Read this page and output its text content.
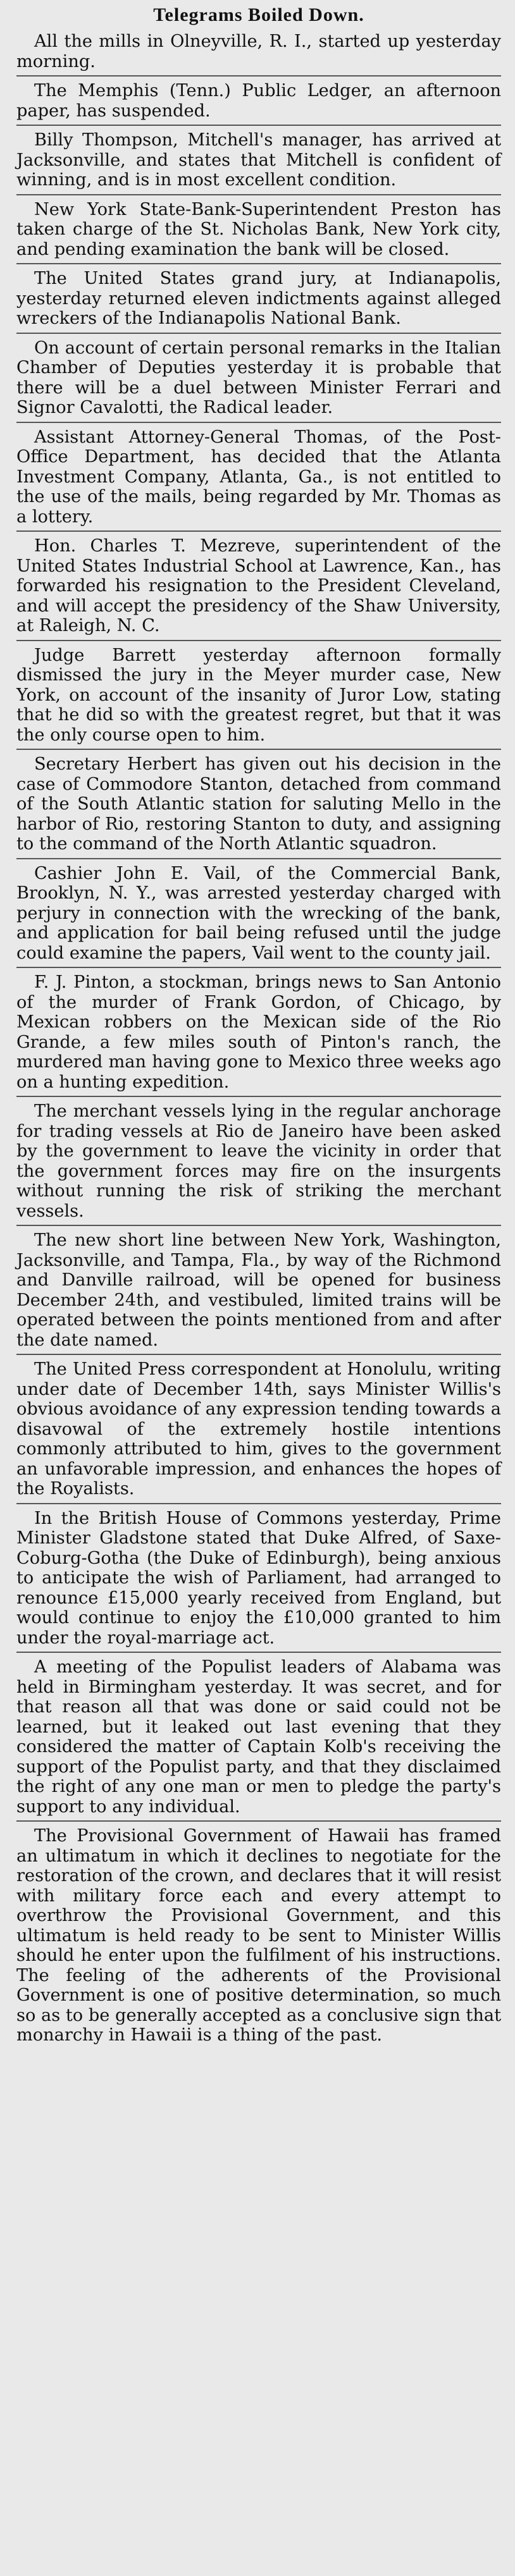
Telegrams Boiled Down.

All the mills in Olneyville, R. I., started up yesterday morning.

The Memphis (Tenn.) Public Ledger, an afternoon paper, has suspended.

Billy Thompson, Mitchell's manager, has arrived at Jacksonville, and states that Mitchell is confident of winning, and is in most excellent condition.

New York State-Bank-Superintendent Preston has taken charge of the St. Nicholas Bank, New York city, and pending examination the bank will be closed.

The United States grand jury, at Indianapolis, yesterday returned eleven indictments against alleged wreckers of the Indianapolis National Bank.

On account of certain personal remarks in the Italian Chamber of Deputies yesterday it is probable that there will be a duel between Minister Ferrari and Signor Cavalotti, the Radical leader.

Assistant Attorney-General Thomas, of the Post-Office Department, has decided that the Atlanta Investment Company, Atlanta, Ga., is not entitled to the use of the mails, being regarded by Mr. Thomas as a lottery.

Hon. Charles T. Mezreve, superintendent of the United States Industrial School at Lawrence, Kan., has forwarded his resignation to the President Cleveland, and will accept the presidency of the Shaw University, at Raleigh, N. C.

Judge Barrett yesterday afternoon formally dismissed the jury in the Meyer murder case, New York, on account of the insanity of Juror Low, stating that he did so with the greatest regret, but that it was the only course open to him.

Secretary Herbert has given out his decision in the case of Commodore Stanton, detached from command of the South Atlantic station for saluting Mello in the harbor of Rio, restoring Stanton to duty, and assigning to the command of the North Atlantic squadron.

Cashier John E. Vail, of the Commercial Bank, Brooklyn, N. Y., was arrested yesterday charged with perjury in connection with the wrecking of the bank, and application for bail being refused until the judge could examine the papers, Vail went to the county jail.

F. J. Pinton, a stockman, brings news to San Antonio of the murder of Frank Gordon, of Chicago, by Mexican robbers on the Mexican side of the Rio Grande, a few miles south of Pinton's ranch, the murdered man having gone to Mexico three weeks ago on a hunting expedition.

The merchant vessels lying in the regular anchorage for trading vessels at Rio de Janeiro have been asked by the government to leave the vicinity in order that the government forces may fire on the insurgents without running the risk of striking the merchant vessels.

The new short line between New York, Washington, Jacksonville, and Tampa, Fla., by way of the Richmond and Danville railroad, will be opened for business December 24th, and vestibuled, limited trains will be operated between the points mentioned from and after the date named.

The United Press correspondent at Honolulu, writing under date of December 14th, says Minister Willis's obvious avoidance of any expression tending towards a disavowal of the extremely hostile intentions commonly attributed to him, gives to the government an unfavorable impression, and enhances the hopes of the Royalists.

In the British House of Commons yesterday, Prime Minister Gladstone stated that Duke Alfred, of Saxe-Coburg-Gotha (the Duke of Edinburgh), being anxious to anticipate the wish of Parliament, had arranged to renounce £15,000 yearly received from England, but would continue to enjoy the £10,000 granted to him under the royal-marriage act.

A meeting of the Populist leaders of Alabama was held in Birmingham yesterday. It was secret, and for that reason all that was done or said could not be learned, but it leaked out last evening that they considered the matter of Captain Kolb's receiving the support of the Populist party, and that they disclaimed the right of any one man or men to pledge the party's support to any individual.

The Provisional Government of Hawaii has framed an ultimatum in which it declines to negotiate for the restoration of the crown, and declares that it will resist with military force each and every attempt to overthrow the Provisional Government, and this ultimatum is held ready to be sent to Minister Willis should he enter upon the fulfilment of his instructions. The feeling of the adherents of the Provisional Government is one of positive determination, so much so as to be generally accepted as a conclusive sign that monarchy in Hawaii is a thing of the past.
